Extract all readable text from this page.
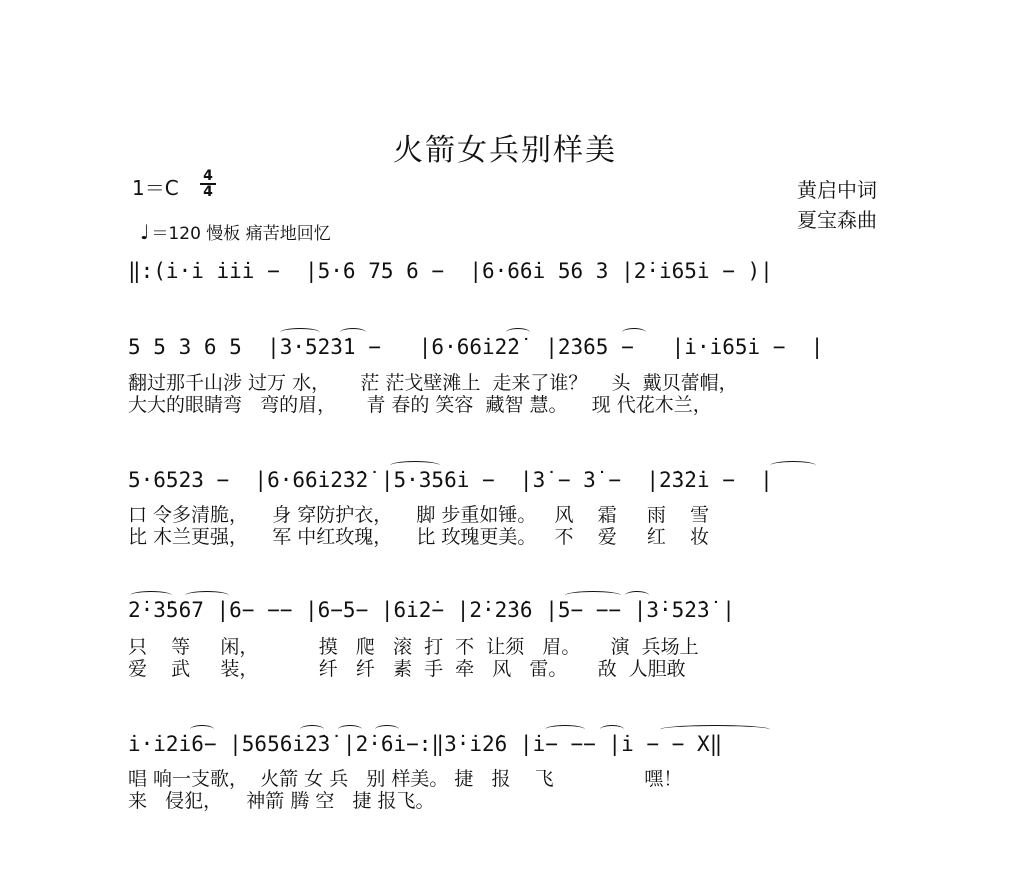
火箭女兵别样美
1＝C 4
4	黄启中词
夏宝森曲
♩ ＝120 慢板 痛苦地回忆
‖:(i̇·i̇ i̇i̇i̇ −  |5·6 75 6 −  |6·66i̇ 56 3 |2̇·i̇65i̇ − )|
5 5 3 6 5  |3·52̇3̇1 −   |6·66i̇2̇2̇  |2̇3̇65 −   |i̇·i̇65i̇ −  |
翻过那千山涉 过万 水，     茫 茫戈壁滩上  走来了谁？    头  戴贝蕾帽，
大大的眼睛弯   弯的眉，     青 春的 笑容  藏智 慧。    现 代花木兰，
5·6523 −  |6·66i̇2̇3̇2̇ |5·356i̇ −  |3̇ − 3̇ −  |2̇3̇2̇i̇ −  |
口 令多清脆，    身 穿防护衣，    脚 步重如锤。   风    霜     雨    雪
比 木兰更强，    军 中红玫瑰，    比 玫瑰更美。   不    爱     红    妆
2̇·3̇567 |6− −− |6−5− |6i̇2̇− |2̇·2̇3̇6 |5− −− |3̇·5̇2̇3̇ |
只    等     闲，          摸   爬   滚  打  不  让须   眉。     演  兵场上
爱    武     装，          纤   纤   素  手  牵   风   雷。     敌  人胆敢
i̇·i̇2̇i̇6− |5656i̇2̇3̇ |2̇·6i̇−:‖3̇·i̇2̇6 |i̇− −− |i̇ − − X‖
唱 响一支歌，  火箭 女 兵   别 样美。 捷   报    飞               嘿！
来   侵犯，    神箭 腾 空   捷 报飞。
